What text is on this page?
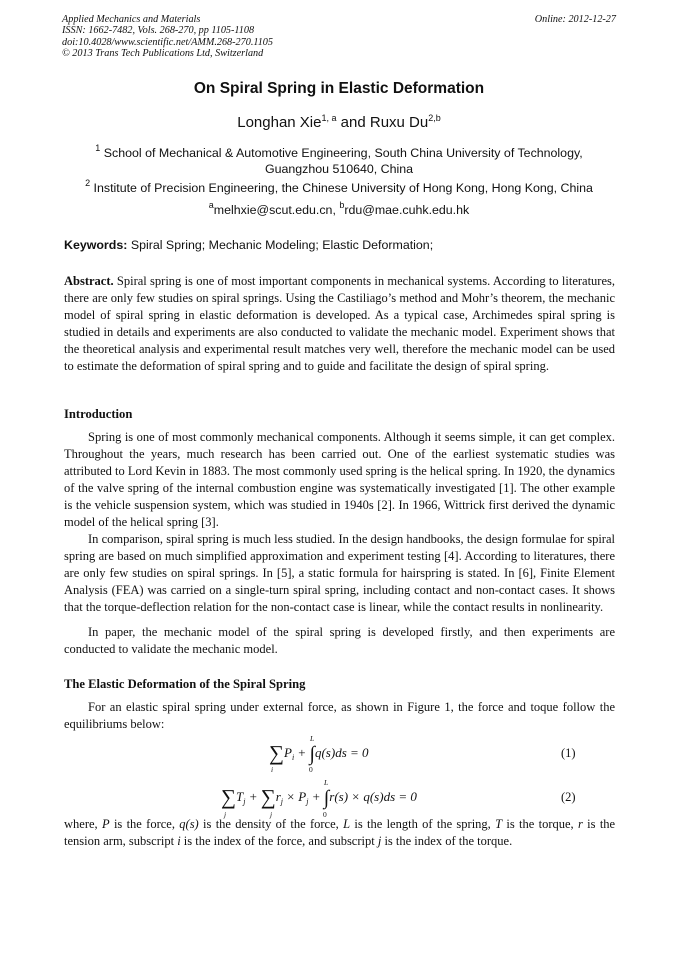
Applied Mechanics and Materials
ISSN: 1662-7482, Vols. 268-270, pp 1105-1108
doi:10.4028/www.scientific.net/AMM.268-270.1105
© 2013 Trans Tech Publications Ltd, Switzerland
Online: 2012-12-27
On Spiral Spring in Elastic Deformation
Longhan Xie$^{1, a}$ and Ruxu Du$^{2,b}$
$^1$ School of Mechanical & Automotive Engineering, South China University of Technology,
Guangzhou 510640, China
$^2$ Institute of Precision Engineering, the Chinese University of Hong Kong, Hong Kong, China
$^a$melhxie@scut.edu.cn, $^b$rdu@mae.cuhk.edu.hk
Keywords: Spiral Spring; Mechanic Modeling; Elastic Deformation;
Abstract. Spiral spring is one of most important components in mechanical systems. According to literatures, there are only few studies on spiral springs. Using the Castiliago’s method and Mohr’s theorem, the mechanic model of spiral spring in elastic deformation is developed. As a typical case, Archimedes spiral spring is studied in details and experiments are also conducted to validate the mechanic model. Experiment shows that the theoretical analysis and experimental result matches very well, therefore the mechanic model can be used to estimate the deformation of spiral spring and to guide and facilitate the design of spiral spring.
Introduction
Spring is one of most commonly mechanical components. Although it seems simple, it can get complex. Throughout the years, much research has been carried out. One of the earliest systematic studies was attributed to Lord Kevin in 1883. The most commonly used spring is the helical spring. In 1920, the dynamics of the valve spring of the internal combustion engine was systematically investigated [1]. The other example is the vehicle suspension system, which was studied in 1940s [2]. In 1966, Wittrick first derived the dynamic model of the helical spring [3].
In comparison, spiral spring is much less studied. In the design handbooks, the design formulae for spiral spring are based on much simplified approximation and experiment testing [4]. According to literatures, there are only few studies on spiral springs. In [5], a static formula for hairspring is stated. In [6], Finite Element Analysis (FEA) was carried on a single-turn spiral spring, including contact and non-contact cases. It shows that the torque-deflection relation for the non-contact case is linear, while the contact results in nonlinearity.
In paper, the mechanic model of the spiral spring is developed firstly, and then experiments are conducted to validate the mechanic model.
The Elastic Deformation of the Spiral Spring
For an elastic spiral spring under external force, as shown in Figure 1, the force and toque follow the equilibriums below:
$\sum P_i + \int q(s)ds = 0$
i
L
0
(1)
$\sum T_j + \sum r_j \times P_j + \int r(s) \times q(s)ds = 0$
j	j
L
0
(2)
where, P is the force, q(s) is the density of the force, L is the length of the spring, T is the torque, r is the tension arm, subscript i is the index of the force, and subscript j is the index of the torque.
